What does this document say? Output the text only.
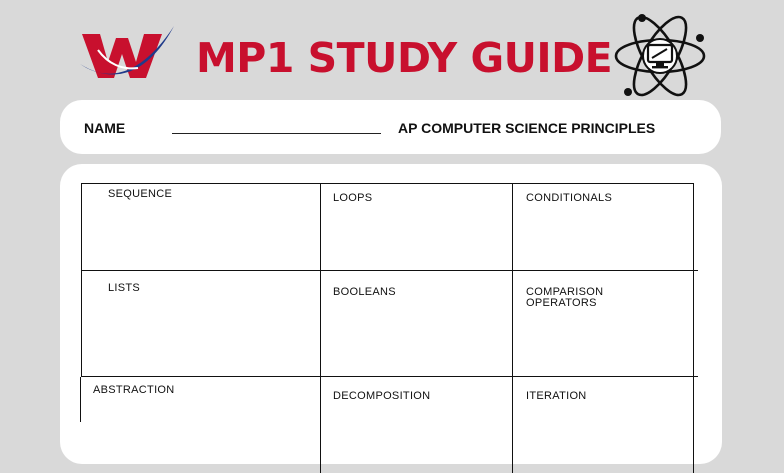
MP1 STUDY GUIDE
NAME	AP COMPUTER SCIENCE PRINCIPLES
SEQUENCE	LOOPS	CONDITIONALS
LISTS	BOOLEANS	COMPARISON OPERATORS
ABSTRACTION	DECOMPOSITION	ITERATION
